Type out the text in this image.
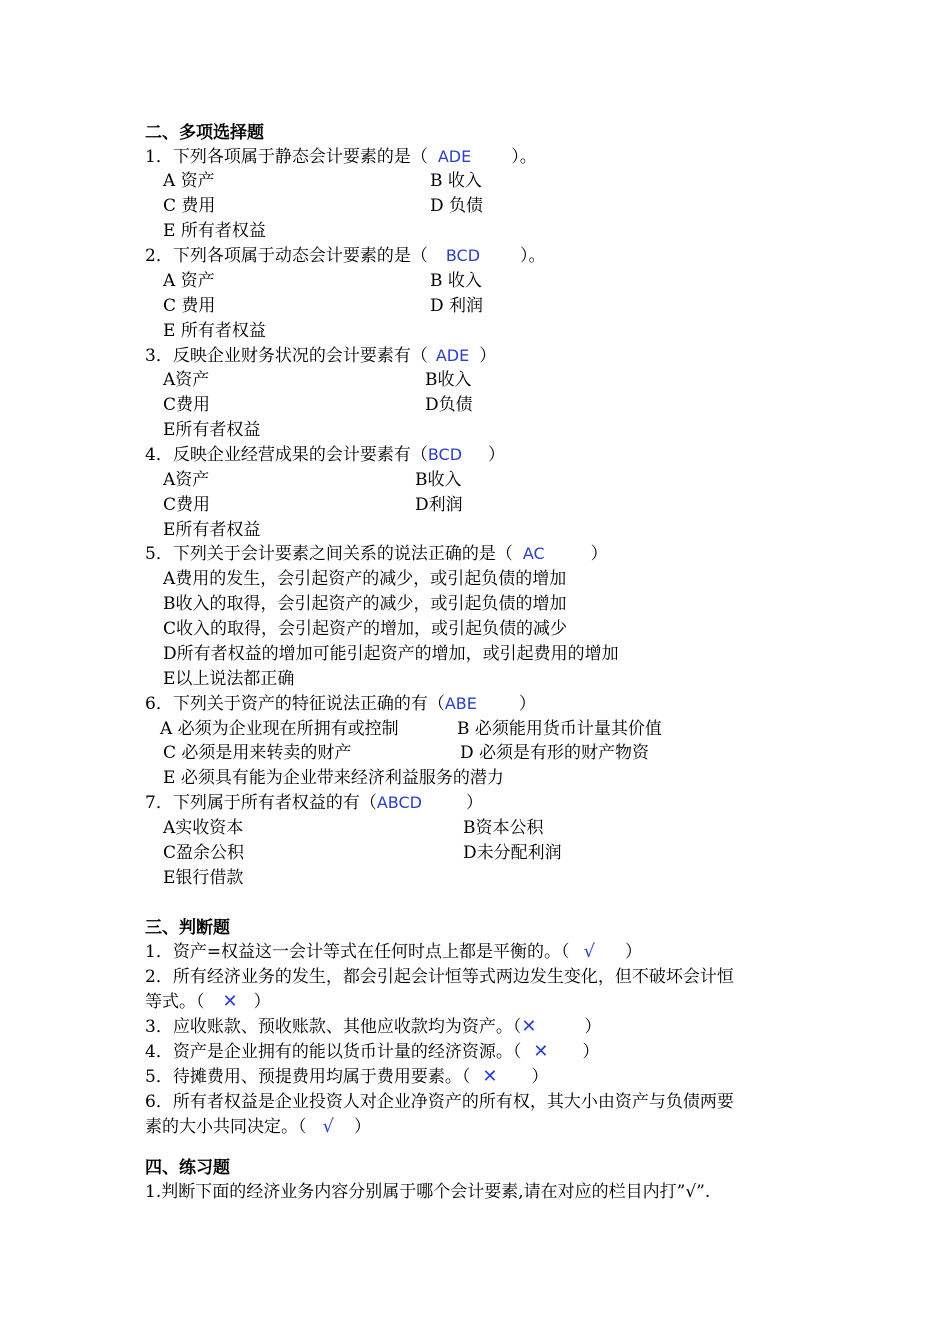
二、多项选择题
1．下列各项属于静态会计要素的是（ ADE ）。
A 资产	B 收入
C 费用	D 负债
E 所有者权益
2．下列各项属于动态会计要素的是（ BCD ）。
A 资产	B 收入
C 费用	D 利润
E 所有者权益
3．反映企业财务状况的会计要素有（ ADE ）
A资产	B收入
C费用	D负债
E所有者权益
4．反映企业经营成果的会计要素有（BCD ）
A资产	B收入
C费用	D利润
E所有者权益
5．下列关于会计要素之间关系的说法正确的是（ AC	）
A费用的发生，会引起资产的减少，或引起负债的增加
B收入的取得，会引起资产的减少，或引起负债的增加
C收入的取得，会引起资产的增加，或引起负债的减少
D所有者权益的增加可能引起资产的增加，或引起费用的增加
E以上说法都正确
6．下列关于资产的特征说法正确的有（ABE ）
A 必须为企业现在所拥有或控制	B 必须能用货币计量其价值
C 必须是用来转卖的财产	D 必须是有形的财产物资
E 必须具有能为企业带来经济利益服务的潜力
7．下列属于所有者权益的有（ABCD	）
A实收资本	B资本公积
C盈余公积	D未分配利润
E银行借款
三、判断题
1．资产=权益这一会计等式在任何时点上都是平衡的。（ √ ）
2．所有经济业务的发生，都会引起会计恒等式两边发生变化，但不破坏会计恒
等式。（ ✕ ）
3．应收账款、预收账款、其他应收款均为资产。（✕	）
4．资产是企业拥有的能以货币计量的经济资源。（ ✕ ）
5．待摊费用、预提费用均属于费用要素。（ ✕ ）
6．所有者权益是企业投资人对企业净资产的所有权，其大小由资产与负债两要
素的大小共同决定。（ √ ）
四、练习题
1.判断下面的经济业务内容分别属于哪个会计要素,请在对应的栏目内打”√”.
